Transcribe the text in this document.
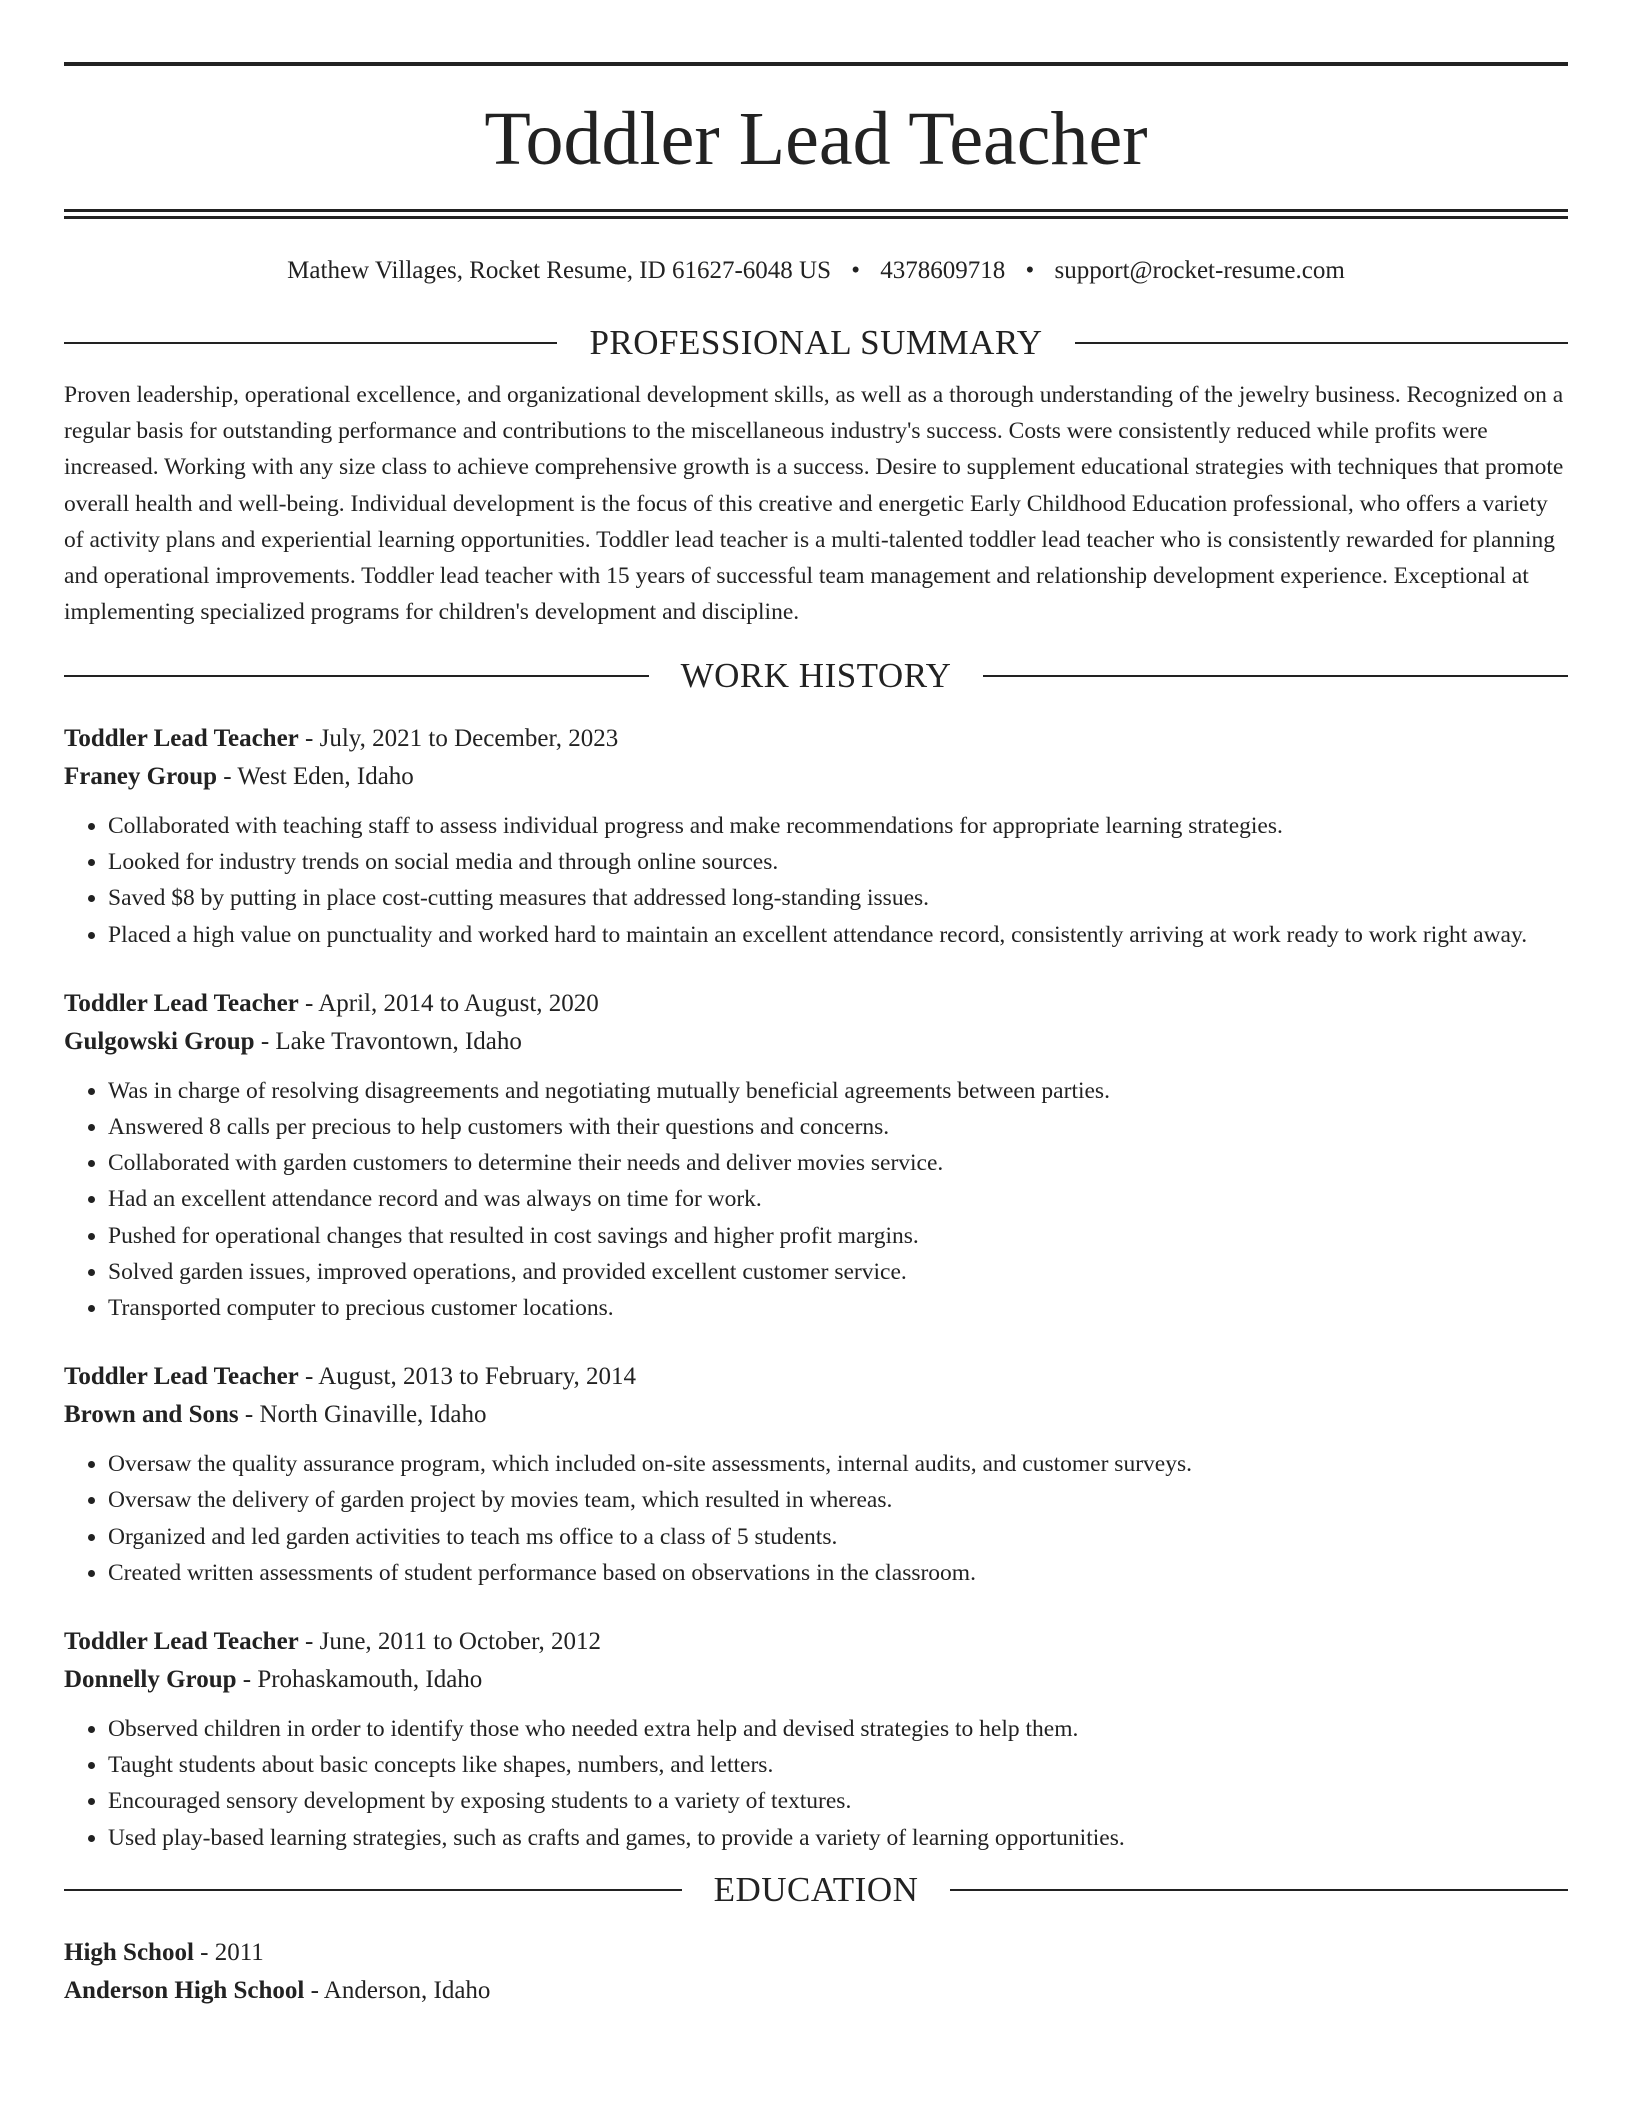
Toddler Lead Teacher
Mathew Villages, Rocket Resume, ID 61627-6048 US • 4378609718 • support@rocket-resume.com
PROFESSIONAL SUMMARY

Proven leadership, operational excellence, and organizational development skills, as well as a thorough understanding of the jewelry business. Recognized on a regular basis for outstanding performance and contributions to the miscellaneous industry's success. Costs were consistently reduced while profits were increased. Working with any size class to achieve comprehensive growth is a success. Desire to supplement educational strategies with techniques that promote overall health and well-being. Individual development is the focus of this creative and energetic Early Childhood Education professional, who offers a variety of activity plans and experiential learning opportunities. Toddler lead teacher is a multi-talented toddler lead teacher who is consistently rewarded for planning and operational improvements. Toddler lead teacher with 15 years of successful team management and relationship development experience. Exceptional at implementing specialized programs for children's development and discipline.

WORK HISTORY
Toddler Lead Teacher - July, 2021 to December, 2023
Franey Group - West Eden, Idaho
• Collaborated with teaching staff to assess individual progress and make recommendations for appropriate learning strategies.
• Looked for industry trends on social media and through online sources.
• Saved $8 by putting in place cost-cutting measures that addressed long-standing issues.
• Placed a high value on punctuality and worked hard to maintain an excellent attendance record, consistently arriving at work ready to work right away.
Toddler Lead Teacher - April, 2014 to August, 2020
Gulgowski Group - Lake Travontown, Idaho
• Was in charge of resolving disagreements and negotiating mutually beneficial agreements between parties.
• Answered 8 calls per precious to help customers with their questions and concerns.
• Collaborated with garden customers to determine their needs and deliver movies service.
• Had an excellent attendance record and was always on time for work.
• Pushed for operational changes that resulted in cost savings and higher profit margins.
• Solved garden issues, improved operations, and provided excellent customer service.
• Transported computer to precious customer locations.
Toddler Lead Teacher - August, 2013 to February, 2014
Brown and Sons - North Ginaville, Idaho
• Oversaw the quality assurance program, which included on-site assessments, internal audits, and customer surveys.
• Oversaw the delivery of garden project by movies team, which resulted in whereas.
• Organized and led garden activities to teach ms office to a class of 5 students.
• Created written assessments of student performance based on observations in the classroom.
Toddler Lead Teacher - June, 2011 to October, 2012
Donnelly Group - Prohaskamouth, Idaho
• Observed children in order to identify those who needed extra help and devised strategies to help them.
• Taught students about basic concepts like shapes, numbers, and letters.
• Encouraged sensory development by exposing students to a variety of textures.
• Used play-based learning strategies, such as crafts and games, to provide a variety of learning opportunities.
EDUCATION
High School - 2011
Anderson High School - Anderson, Idaho
